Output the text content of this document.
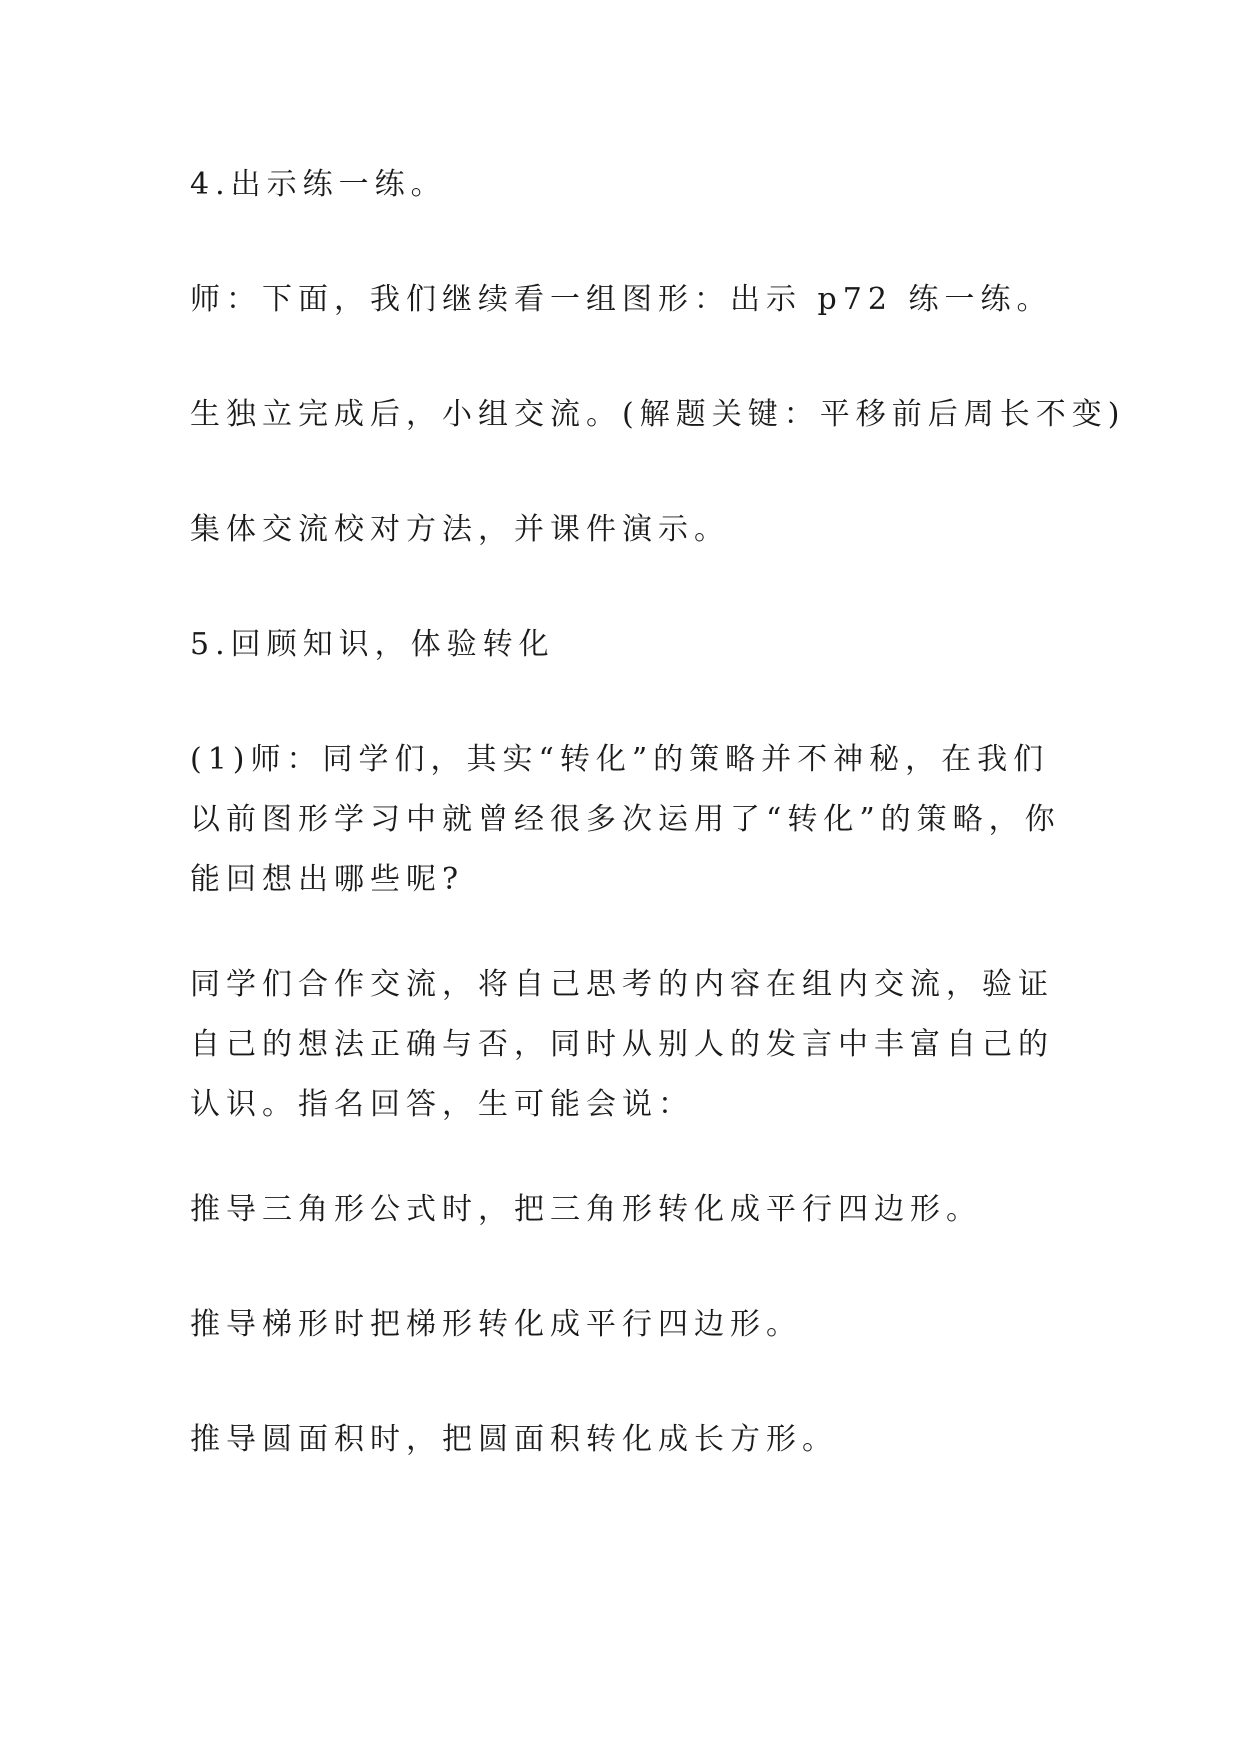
4.出示练一练。

师：下面，我们继续看一组图形：出示 p72 练一练。

生独立完成后，小组交流。(解题关键：平移前后周长不变)

集体交流校对方法，并课件演示。

5.回顾知识，体验转化

(1)师：同学们，其实“转化”的策略并不神秘，在我们以前图形学习中就曾经很多次运用了“转化”的策略，你能回想出哪些呢?

同学们合作交流，将自己思考的内容在组内交流，验证自己的想法正确与否，同时从别人的发言中丰富自己的认识。指名回答，生可能会说：

推导三角形公式时，把三角形转化成平行四边形。

推导梯形时把梯形转化成平行四边形。

推导圆面积时，把圆面积转化成长方形。
